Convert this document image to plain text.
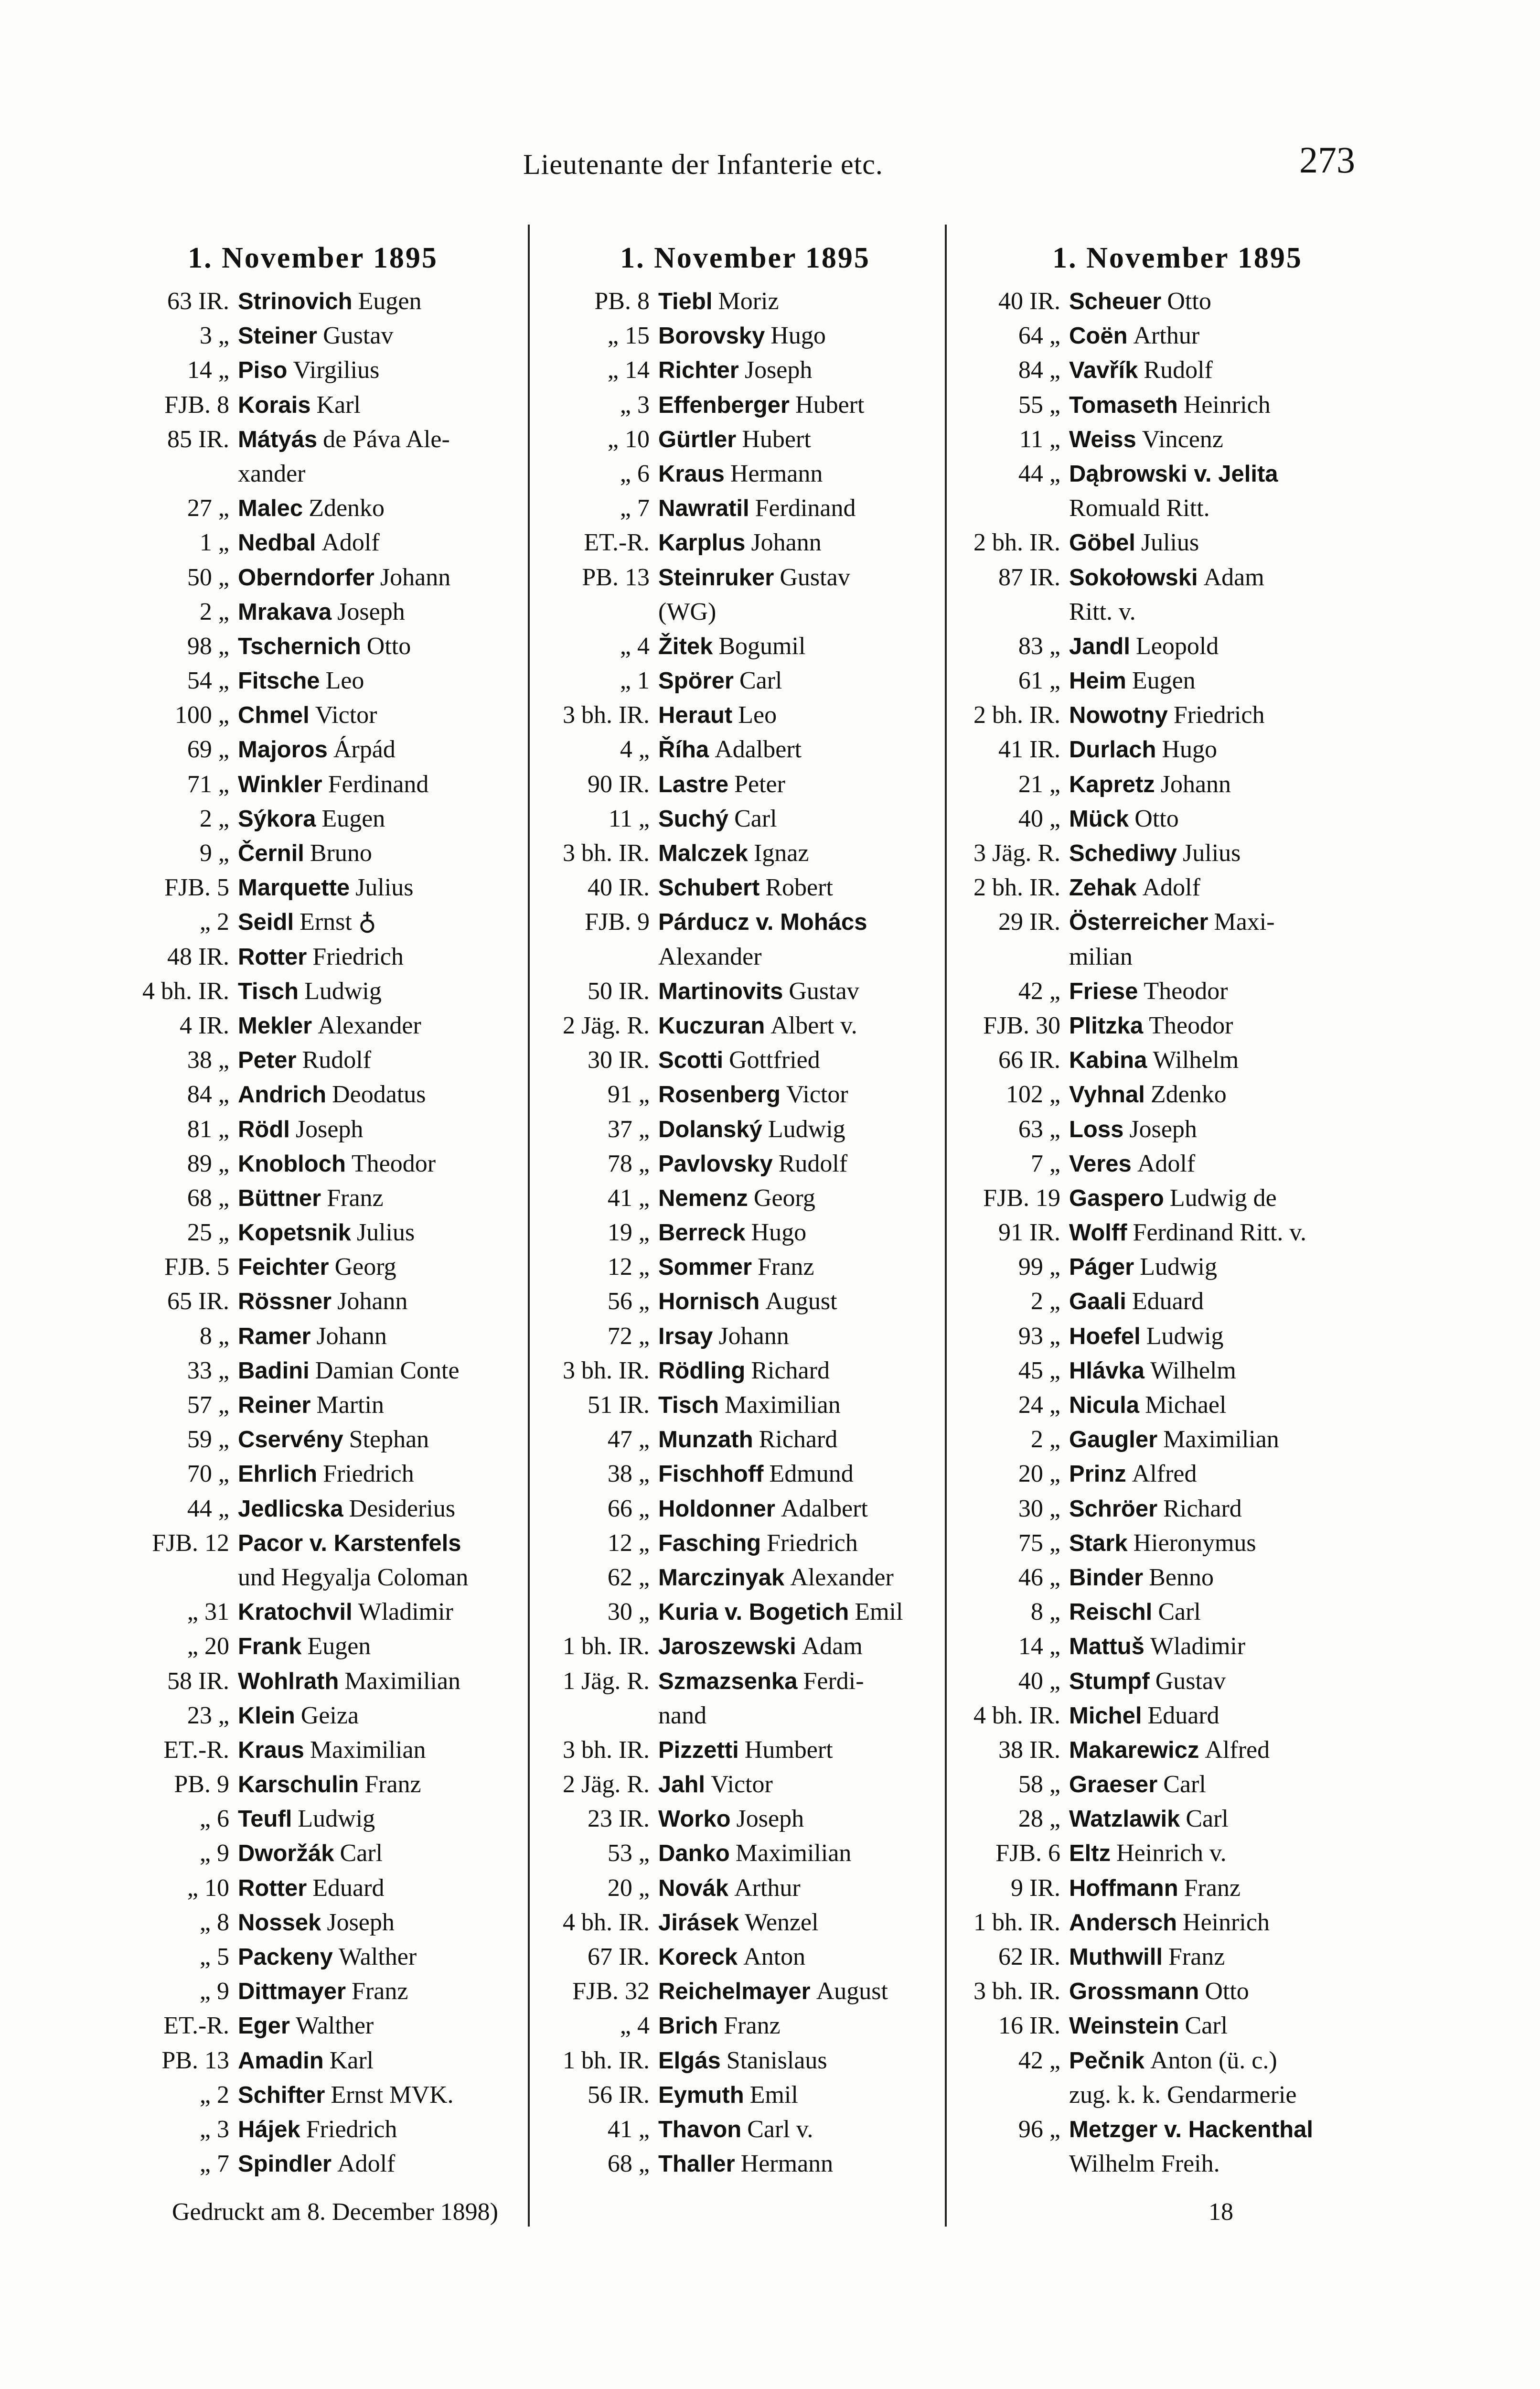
Lieutenante der Infanterie etc.	273
1. November 1895
63 IR. Strinovich Eugen
3 „ Steiner Gustav
14 „ Piso Virgilius
FJB. 8 Korais Karl
85 IR. Mátyás de Páva Ale-
xander
27 „ Malec Zdenko
1 „ Nedbal Adolf
50 „ Oberndorfer Johann
2 „ Mrakava Joseph
98 „ Tschernich Otto
54 „ Fitsche Leo
100 „ Chmel Victor
69 „ Majoros Árpád
71 „ Winkler Ferdinand
2 „ Sýkora Eugen
9 „ Černil Bruno
FJB. 5 Marquette Julius
„ 2 Seidl Ernst ♁
48 IR. Rotter Friedrich
4 bh. IR. Tisch Ludwig
4 IR. Mekler Alexander
38 „ Peter Rudolf
84 „ Andrich Deodatus
81 „ Rödl Joseph
89 „ Knobloch Theodor
68 „ Büttner Franz
25 „ Kopetsnik Julius
FJB. 5 Feichter Georg
65 IR. Rössner Johann
8 „ Ramer Johann
33 „ Badini Damian Conte
57 „ Reiner Martin
59 „ Cservény Stephan
70 „ Ehrlich Friedrich
44 „ Jedlicska Desiderius
FJB. 12 Pacor v. Karstenfels
und Hegyalja Coloman
„ 31 Kratochvil Wladimir
„ 20 Frank Eugen
58 IR. Wohlrath Maximilian
23 „ Klein Geiza
ET.-R. Kraus Maximilian
PB. 9 Karschulin Franz
„ 6 Teufl Ludwig
„ 9 Dworžák Carl
„ 10 Rotter Eduard
„ 8 Nossek Joseph
„ 5 Packeny Walther
„ 9 Dittmayer Franz
ET.-R. Eger Walther
PB. 13 Amadin Karl
„ 2 Schifter Ernst MVK.
„ 3 Hájek Friedrich
„ 7 Spindler Adolf
1. November 1895
PB. 8 Tiebl Moriz
„ 15 Borovsky Hugo
„ 14 Richter Joseph
„ 3 Effenberger Hubert
„ 10 Gürtler Hubert
„ 6 Kraus Hermann
„ 7 Nawratil Ferdinand
ET.-R. Karplus Johann
PB. 13 Steinruker Gustav
(WG)
„ 4 Žitek Bogumil
„ 1 Spörer Carl
3 bh. IR. Heraut Leo
4 „ Říha Adalbert
90 IR. Lastre Peter
11 „ Suchý Carl
3 bh. IR. Malczek Ignaz
40 IR. Schubert Robert
FJB. 9 Párducz v. Mohács
Alexander
50 IR. Martinovits Gustav
2 Jäg. R. Kuczuran Albert v.
30 IR. Scotti Gottfried
91 „ Rosenberg Victor
37 „ Dolanský Ludwig
78 „ Pavlovsky Rudolf
41 „ Nemenz Georg
19 „ Berreck Hugo
12 „ Sommer Franz
56 „ Hornisch August
72 „ Irsay Johann
3 bh. IR. Rödling Richard
51 IR. Tisch Maximilian
47 „ Munzath Richard
38 „ Fischhoff Edmund
66 „ Holdonner Adalbert
12 „ Fasching Friedrich
62 „ Marczinyak Alexander
30 „ Kuria v. Bogetich Emil
1 bh. IR. Jaroszewski Adam
1 Jäg. R. Szmazsenka Ferdi-
nand
3 bh. IR. Pizzetti Humbert
2 Jäg. R. Jahl Victor
23 IR. Worko Joseph
53 „ Danko Maximilian
20 „ Novák Arthur
4 bh. IR. Jirásek Wenzel
67 IR. Koreck Anton
FJB. 32 Reichelmayer August
„ 4 Brich Franz
1 bh. IR. Elgás Stanislaus
56 IR. Eymuth Emil
41 „ Thavon Carl v.
68 „ Thaller Hermann
1. November 1895
40 IR. Scheuer Otto
64 „ Coën Arthur
84 „ Vavřík Rudolf
55 „ Tomaseth Heinrich
11 „ Weiss Vincenz
44 „ Dąbrowski v. Jelita
Romuald Ritt.
2 bh. IR. Göbel Julius
87 IR. Sokołowski Adam
Ritt. v.
83 „ Jandl Leopold
61 „ Heim Eugen
2 bh. IR. Nowotny Friedrich
41 IR. Durlach Hugo
21 „ Kapretz Johann
40 „ Mück Otto
3 Jäg. R. Schediwy Julius
2 bh. IR. Zehak Adolf
29 IR. Österreicher Maxi-
milian
42 „ Friese Theodor
FJB. 30 Plitzka Theodor
66 IR. Kabina Wilhelm
102 „ Vyhnal Zdenko
63 „ Loss Joseph
7 „ Veres Adolf
FJB. 19 Gaspero Ludwig de
91 IR. Wolff Ferdinand Ritt. v.
99 „ Páger Ludwig
2 „ Gaali Eduard
93 „ Hoefel Ludwig
45 „ Hlávka Wilhelm
24 „ Nicula Michael
2 „ Gaugler Maximilian
20 „ Prinz Alfred
30 „ Schröer Richard
75 „ Stark Hieronymus
46 „ Binder Benno
8 „ Reischl Carl
14 „ Mattuš Wladimir
40 „ Stumpf Gustav
4 bh. IR. Michel Eduard
38 IR. Makarewicz Alfred
58 „ Graeser Carl
28 „ Watzlawik Carl
FJB. 6 Eltz Heinrich v.
9 IR. Hoffmann Franz
1 bh. IR. Andersch Heinrich
62 IR. Muthwill Franz
3 bh. IR. Grossmann Otto
16 IR. Weinstein Carl
42 „ Pečnik Anton (ü. c.)
zug. k. k. Gendarmerie
96 „ Metzger v. Hackenthal
Wilhelm Freih.
Gedruckt am 8. December 1898)	18
